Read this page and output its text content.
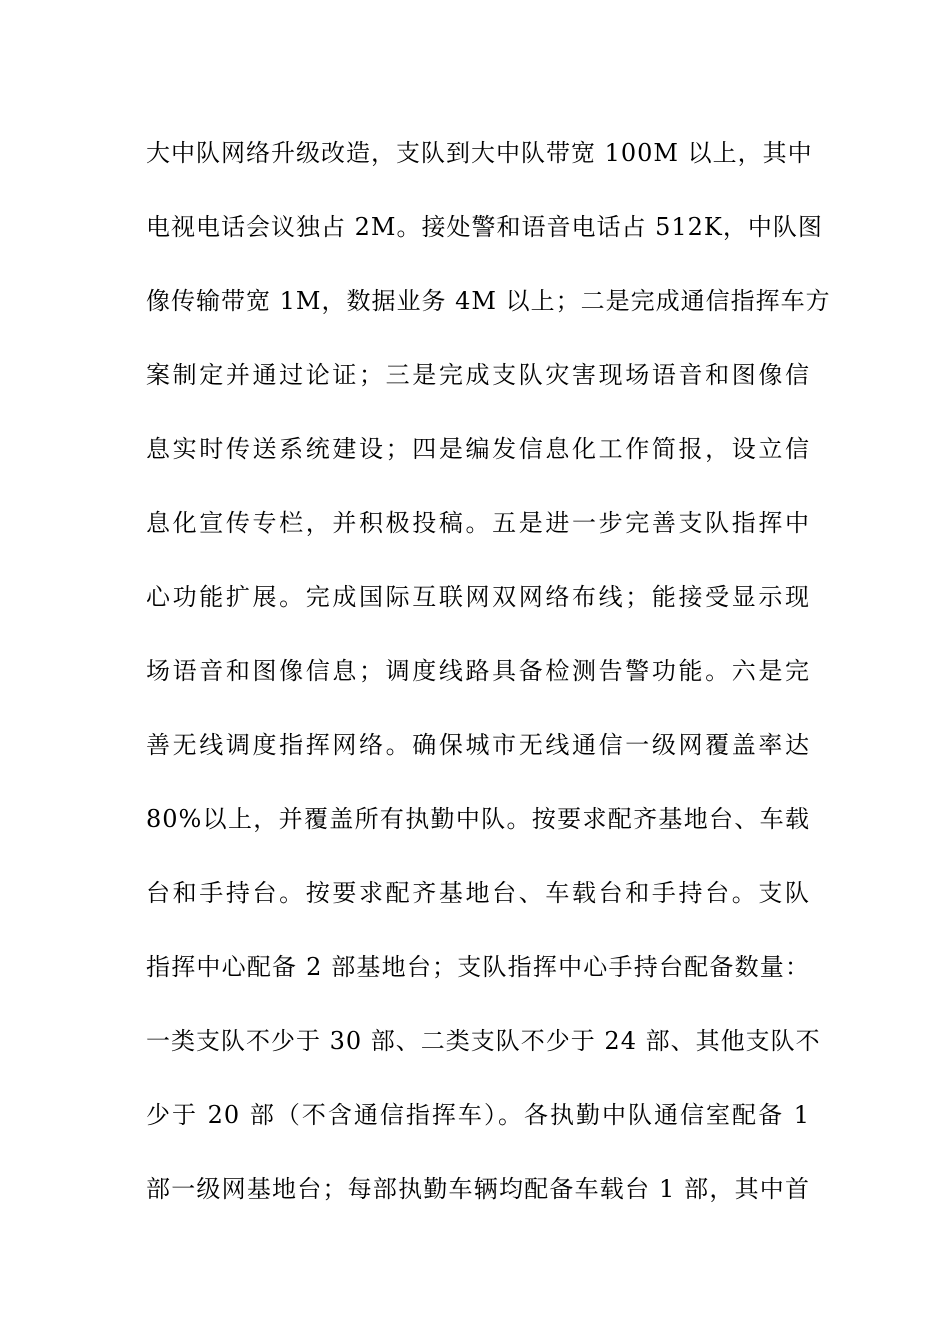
大中队网络升级改造，支队到大中队带宽 100M 以上，其中
电视电话会议独占 2M。接处警和语音电话占 512K，中队图
像传输带宽 1M，数据业务 4M 以上；二是完成通信指挥车方
案制定并通过论证；三是完成支队灾害现场语音和图像信
息实时传送系统建设；四是编发信息化工作简报，设立信
息化宣传专栏，并积极投稿。五是进一步完善支队指挥中
心功能扩展。完成国际互联网双网络布线；能接受显示现
场语音和图像信息；调度线路具备检测告警功能。六是完
善无线调度指挥网络。确保城市无线通信一级网覆盖率达
80%以上，并覆盖所有执勤中队。按要求配齐基地台、车载
台和手持台。按要求配齐基地台、车载台和手持台。支队
指挥中心配备 2 部基地台；支队指挥中心手持台配备数量：
一类支队不少于 30 部、二类支队不少于 24 部、其他支队不
少于 20 部（不含通信指挥车）。各执勤中队通信室配备 1
部一级网基地台；每部执勤车辆均配备车载台 1 部，其中首
